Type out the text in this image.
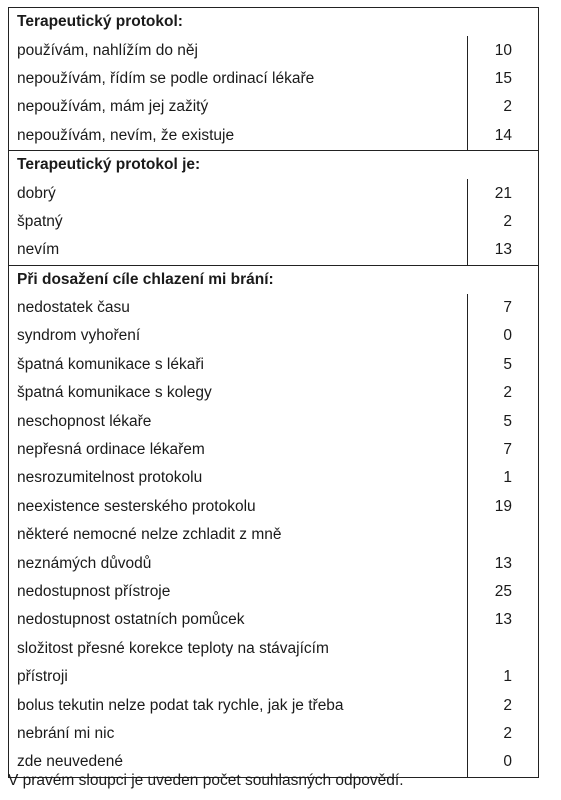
Terapeutický protokol:	
používám, nahlížím do něj	10
nepoužívám, řídím se podle ordinací lékaře	15
nepoužívám, mám jej zažitý	2
nepoužívám, nevím, že existuje	14
Terapeutický protokol je:	
dobrý	21
špatný	2
nevím	13
Při dosažení cíle chlazení mi brání:	
nedostatek času	7
syndrom vyhoření	0
špatná komunikace s lékaři	5
špatná komunikace s kolegy	2
neschopnost lékaře	5
nepřesná ordinace lékařem	7
nesrozumitelnost protokolu	1
neexistence sesterského protokolu	19
některé nemocné nelze zchladit z mně	
neznámých důvodů	13
nedostupnost přístroje	25
nedostupnost ostatních pomůcek	13
složitost přesné korekce teploty na stávajícím	
přístroji	1
bolus tekutin nelze podat tak rychle, jak je třeba	2
nebrání mi nic	2
zde neuvedené	0
V pravém sloupci je uveden počet souhlasných odpovědí.
